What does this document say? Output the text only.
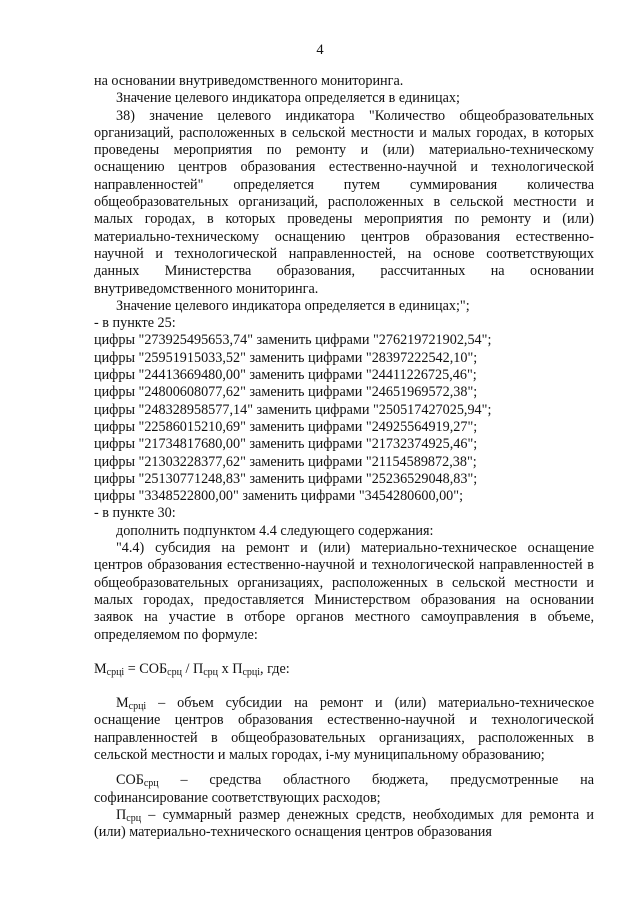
4

на основании внутриведомственного мониторинга.

Значение целевого индикатора определяется в единицах;

38) значение целевого индикатора "Количество общеобразовательных организаций, расположенных в сельской местности и малых городах, в которых проведены мероприятия по ремонту и (или) материально-техническому оснащению центров образования естественно-научной и технологической направленностей" определяется путем суммирования количества общеобразовательных организаций, расположенных в сельской местности и малых городах, в которых проведены мероприятия по ремонту и (или) материально-техническому оснащению центров образования естественно-научной и технологической направленностей, на основе соответствующих данных Министерства образования, рассчитанных на основании внутриведомственного мониторинга.

Значение целевого индикатора определяется в единицах;";

- в пункте 25:

цифры "273925495653,74" заменить цифрами "276219721902,54";

цифры "25951915033,52" заменить цифрами "28397222542,10";

цифры "24413669480,00" заменить цифрами "24411226725,46";

цифры "24800608077,62" заменить цифрами "24651969572,38";

цифры "248328958577,14" заменить цифрами "250517427025,94";

цифры "22586015210,69" заменить цифрами "24925564919,27";

цифры "21734817680,00" заменить цифрами "21732374925,46";

цифры "21303228377,62" заменить цифрами "21154589872,38";

цифры "25130771248,83" заменить цифрами "25236529048,83";

цифры "3348522800,00" заменить цифрами "3454280600,00";

- в пункте 30:

дополнить подпунктом 4.4 следующего содержания:

"4.4) субсидия на ремонт и (или) материально-техническое оснащение центров образования естественно-научной и технологической направленностей в общеобразовательных организациях, расположенных в сельской местности и малых городах, предоставляется Министерством образования на основании заявок на участие в отборе органов местного самоуправления в объеме, определяемом по формуле:

$М_{срцi} = СОБ_{срц} / П_{срц}$ х $П_{срцi}$, где:

$М_{срцi}$ – объем субсидии на ремонт и (или) материально-техническое оснащение центров образования естественно-научной и технологической направленностей в общеобразовательных организациях, расположенных в сельской местности и малых городах, i-му муниципальному образованию;

$СОБ_{срц}$ – средства областного бюджета, предусмотренные на софинансирование соответствующих расходов;

$П_{срц}$ – суммарный размер денежных средств, необходимых для ремонта и (или) материально-технического оснащения центров образования
